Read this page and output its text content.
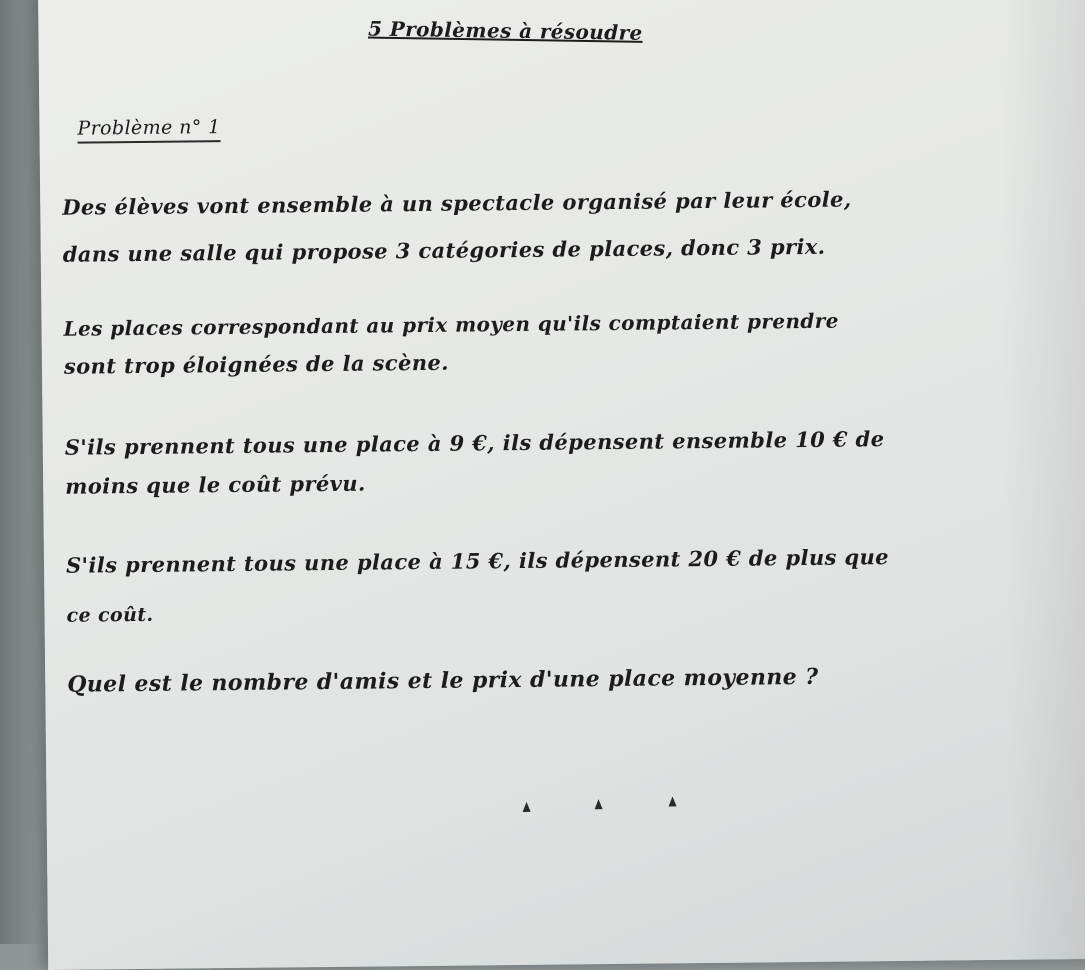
5 Problèmes à résoudre

Problème n° 1

Des élèves vont ensemble à un spectacle organisé par leur école,

dans une salle qui propose 3 catégories de places, donc 3 prix.

Les places correspondant au prix moyen qu'ils comptaient prendre

sont trop éloignées de la scène.

S'ils prennent tous une place à 9 €, ils dépensent ensemble 10 € de

moins que le coût prévu.

S'ils prennent tous une place à 15 €, ils dépensent 20 € de plus que

ce coût.

Quel est le nombre d'amis et le prix d'une place moyenne ?
